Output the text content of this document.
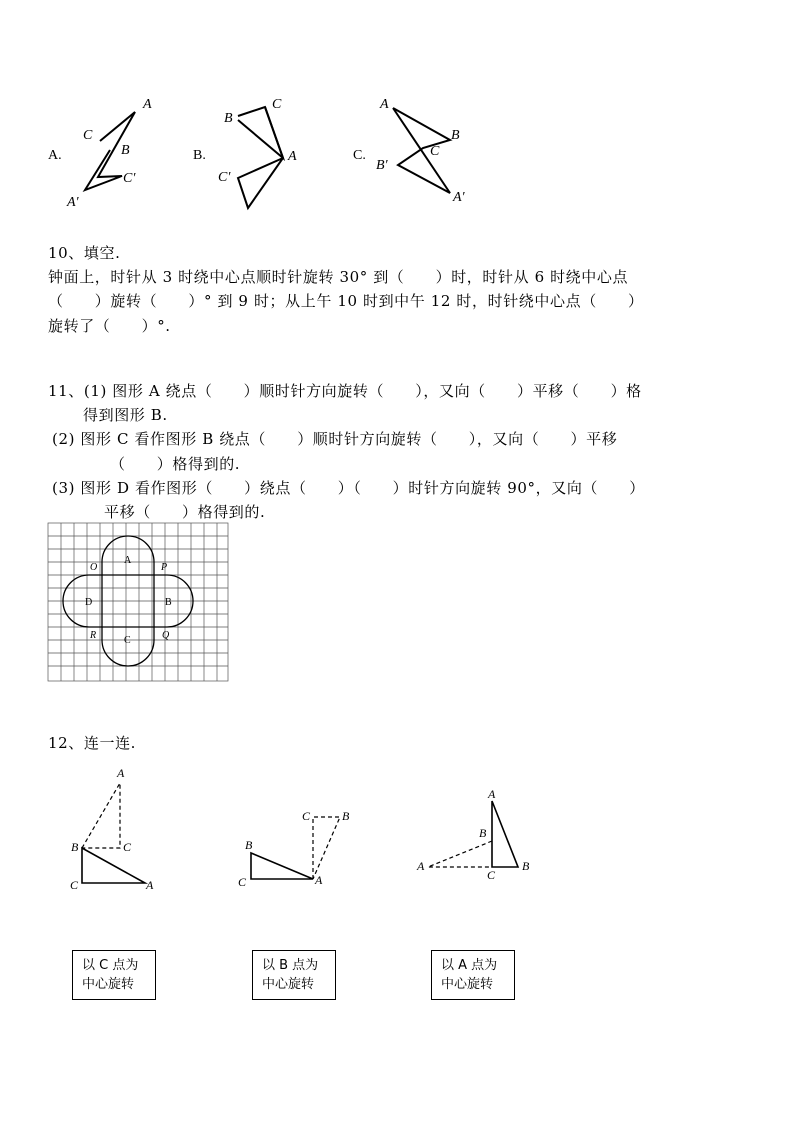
A.
A
C
B
C′
A′
B.
B
C
A
C′
C.
A
B
C
B′
A′
10、填空.
钟面上，时针从 3 时绕中心点顺时针旋转 30° 到（　　）时，时针从 6 时绕中心点
（　　）旋转（　　）° 到 9 时；从上午 10 时到中午 12 时，时针绕中心点（　　）
旋转了（　　）°.
11、(1) 图形 A 绕点（　　）顺时针方向旋转（　　），又向（　　）平移（　　）格
得到图形 B.
(2) 图形 C 看作图形 B 绕点（　　）顺时针方向旋转（　　），又向（　　）平移
（　　）格得到的.
(3) 图形 D 看作图形（　　）绕点（　　）（　　）时针方向旋转 90°，又向（　　）
平移（　　）格得到的.
A
B
C
D
O	P
Q
R
12、连一连.
A
B	C
C	A
C	B
B
C	A
A
B
A
C
B
以 C 点为
中心旋转
以 B 点为
中心旋转
以 A 点为
中心旋转
